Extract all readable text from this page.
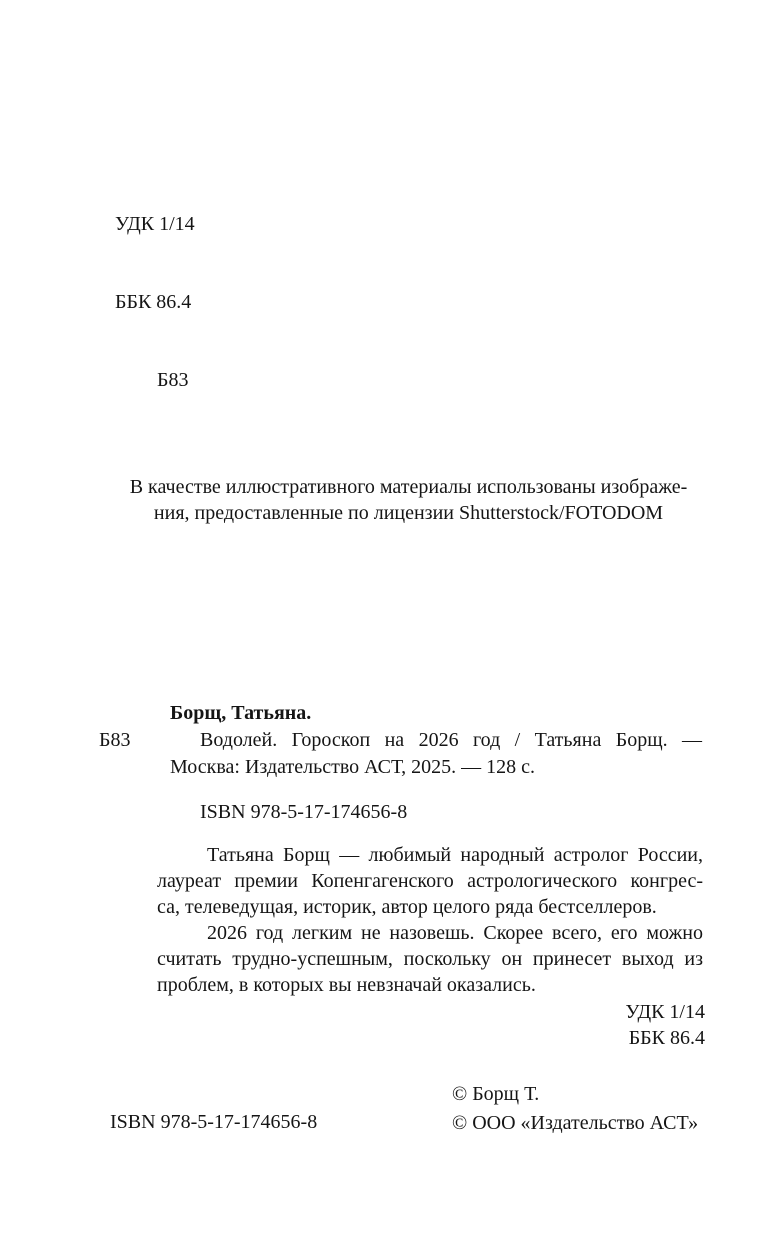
УДК 1/14

ББК 86.4

Б83

В качестве иллюстративного материалы использованы изображе-
ния, предоставленные по лицензии Shutterstock/FOTODOM
Б83
Борщ, Татьяна.
Водолей. Гороскоп на 2026 год / Татьяна Борщ. —
Москва: Издательство АСТ, 2025. — 128 с.
ISBN 978-5-17-174656-8
Татьяна Борщ — любимый народный астролог России,
лауреат премии Копенгагенского астрологического конгрес-
са, телеведущая, историк, автор целого ряда бестселлеров.
2026 год легким не назовешь. Скорее всего, его можно
считать трудно-успешным, поскольку он принесет выход из
проблем, в которых вы невзначай оказались.
УДК 1/14
ББК 86.4
ISBN 978-5-17-174656-8
© Борщ Т.
© ООО «Издательство АСТ»
